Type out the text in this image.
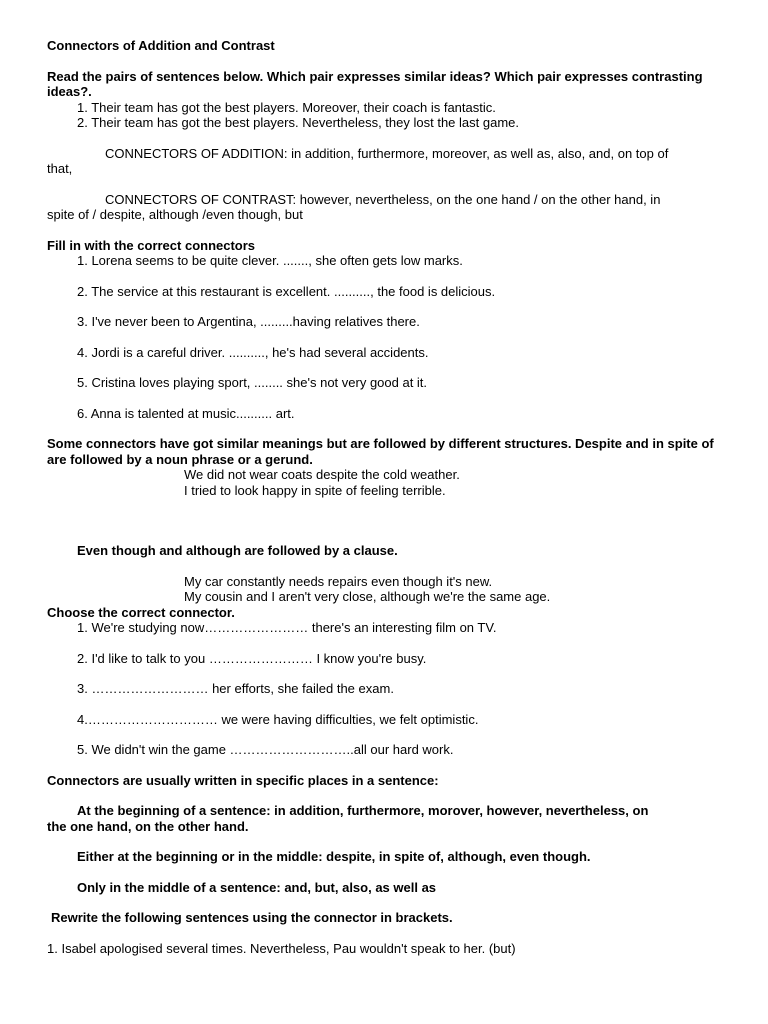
Connectors of Addition and Contrast

Read the pairs of sentences below. Which pair expresses similar ideas? Which pair expresses contrasting ideas?.

1. Their team has got the best players. Moreover, their coach is fantastic.

2. Their team has got the best players. Nevertheless, they lost the last game.

CONNECTORS OF ADDITION: in addition, furthermore, moreover, as well as, also, and, on top of

that,

CONNECTORS OF CONTRAST: however, nevertheless, on the one hand / on the other hand, in

spite of / despite, although /even though, but

Fill in with the correct connectors

1. Lorena seems to be quite clever. ......., she often gets low marks.

2. The service at this restaurant is excellent. .........., the food is delicious.

3. I've never been to Argentina, .........having relatives there.

4. Jordi is a careful driver. .........., he's had several accidents.

5. Cristina loves playing sport, ........ she's not very good at it.

6. Anna is talented at music.......... art.

Some connectors have got similar meanings but are followed by different structures. Despite and in spite of are followed by a noun phrase or a gerund.

We did not wear coats despite the cold weather.

I tried to look happy in spite of feeling terrible.

Even though and although are followed by a clause.

My car constantly needs repairs even though it's new.

My cousin and I aren't very close, although we're the same age.

Choose the correct connector.

1. We're studying now…………………… there's an interesting film on TV.

2. I'd like to talk to you …………………… I know you're busy.

3. ……………………… her efforts, she failed the exam.

4.………………………… we were having difficulties, we felt optimistic.

5. We didn't win the game ………………………..all our hard work.

Connectors are usually written in specific places in a sentence:

At the beginning of a sentence: in addition, furthermore, morover, however, nevertheless, on

the one hand, on the other hand.

Either at the beginning or in the middle: despite, in spite of, although, even though.

Only in the middle of a sentence: and, but, also, as well as

Rewrite the following sentences using the connector in brackets.

1. Isabel apologised several times. Nevertheless, Pau wouldn't speak to her. (but)
